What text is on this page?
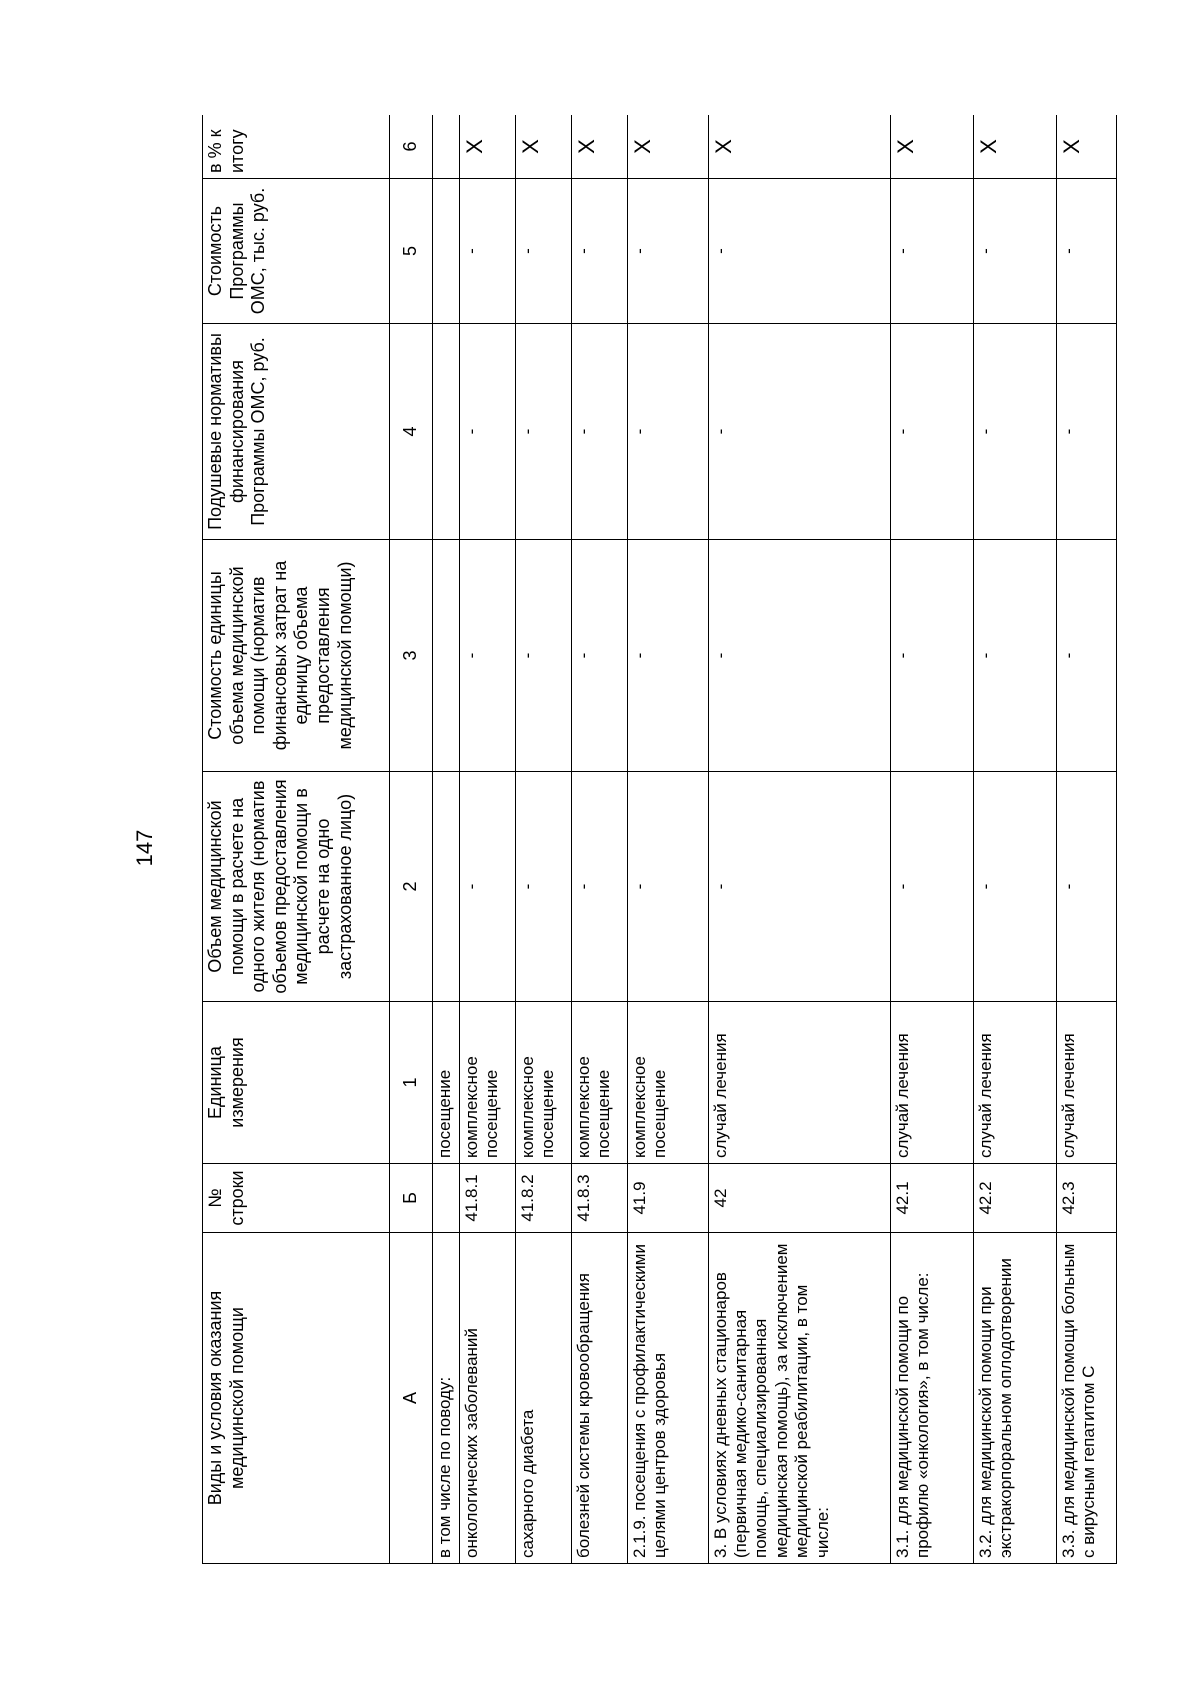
147
Виды и условия оказания медицинской помощи	№ строки	Единица измерения	Объем медицинской помощи в расчете на одного жителя (норматив объемов предоставления медицинской помощи в расчете на одно застрахованное лицо)	Стоимость единицы объема медицинской помощи (норматив финансовых затрат на единицу объема предоставления медицинской помощи)	Подушевые нормативы финансирования Программы ОМС, руб.	Стоимость Программы ОМС, тыс. руб.	в % к итогу
А	Б	1	2	3	4	5	6
в том числе по поводу:		посещение					
онкологических заболеваний	41.8.1	комплексное посещение	-	-	-	-	X
сахарного диабета	41.8.2	комплексное посещение	-	-	-	-	X
болезней системы кровообращения	41.8.3	комплексное посещение	-	-	-	-	X
2.1.9. посещения с профилактическими целями центров здоровья	41.9	комплексное посещение	-	-	-	-	X
3. В условиях дневных стационаров (первичная медико-санитарная помощь, специализированная медицинская помощь), за исключением медицинской реабилитации, в том числе:	42	случай лечения	-	-	-	-	X
3.1. для медицинской помощи по профилю «онкология», в том числе:	42.1	случай лечения	-	-	-	-	X
3.2. для медицинской помощи при экстракорпоральном оплодотворении	42.2	случай лечения	-	-	-	-	X
3.3. для медицинской помощи больным с вирусным гепатитом С	42.3	случай лечения	-	-	-	-	X
